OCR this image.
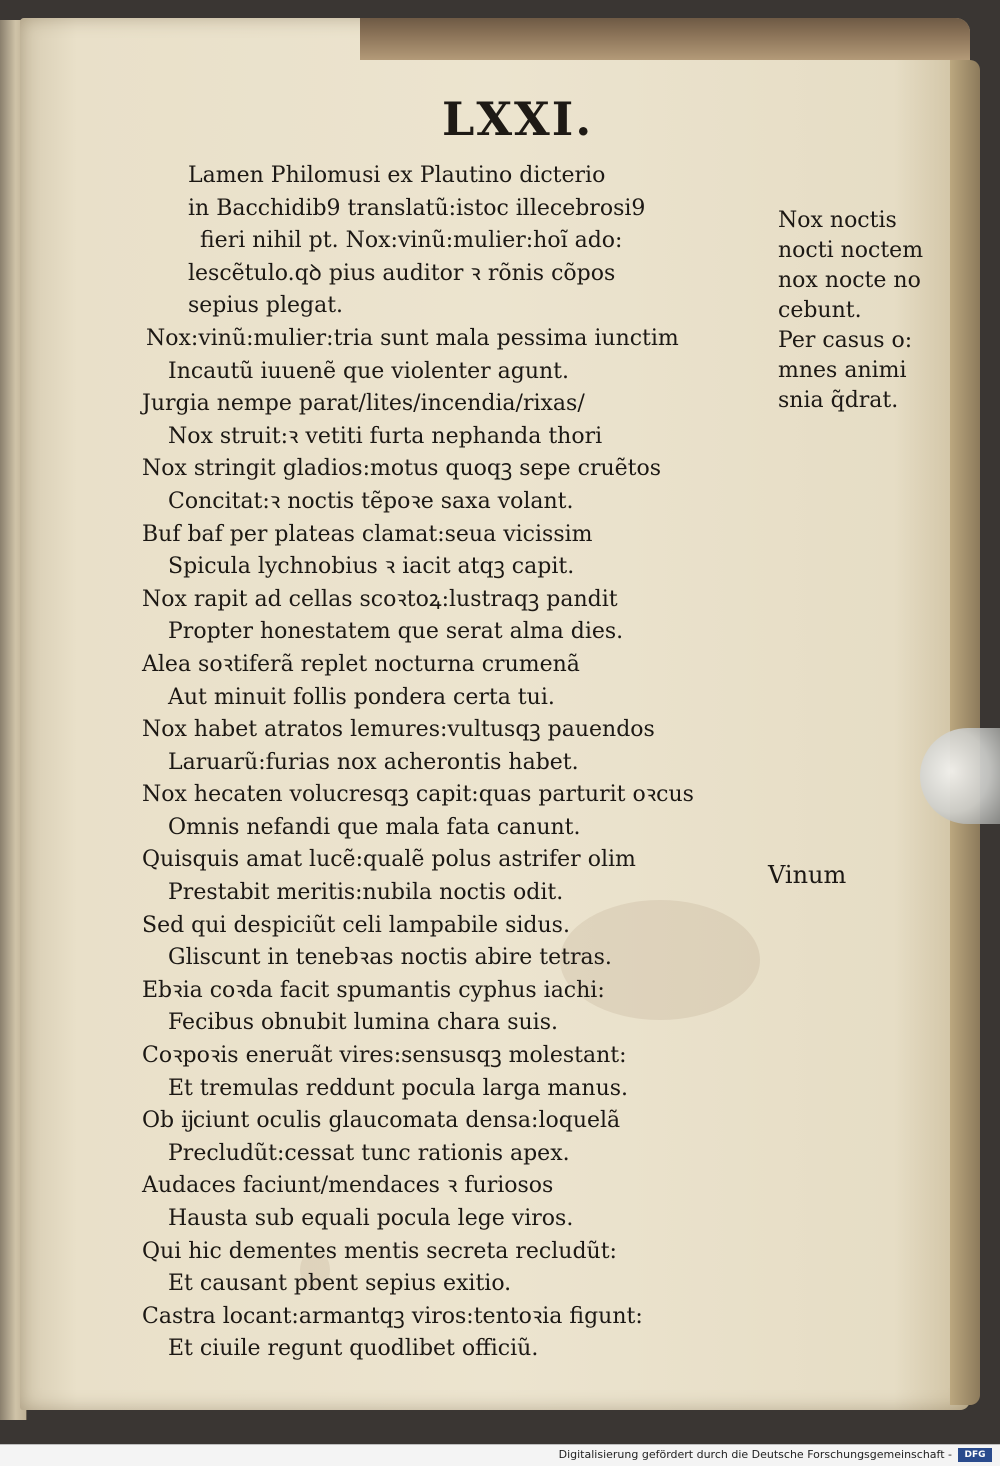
LXXI.
Lamen Philomusi ex Plautino dicterio
in Bacchidib9 translatũ:istoc illecebrosi9
fieri nihil pt. Nox:vinũ:mulier:hoĩ ado:
lescẽtulo.qꝺ pius auditor ꝛ rõnis cõpos
sepius plegat.
Nox:vinũ:mulier:tria sunt mala pessima iunctim
Incautũ iuuenẽ que violenter agunt.
Jurgia nempe parat/lites/incendia/rixas/
Nox struit:ꝛ vetiti furta nephanda thori
Nox stringit gladios:motus quoqꝫ sepe cruẽtos
Concitat:ꝛ noctis tẽpoꝛe saxa volant.
Buf baf per plateas clamat:seua vicissim
Spicula lychnobius ꝛ iacit atqꝫ capit.
Nox rapit ad cellas scoꝛtoꝝ:lustraqꝫ pandit
Propter honestatem que serat alma dies.
Alea soꝛtiferã replet nocturna crumenã
Aut minuit follis pondera certa tui.
Nox habet atratos lemures:vultusqꝫ pauendos
Laruarũ:furias nox acherontis habet.
Nox hecaten volucresqꝫ capit:quas parturit oꝛcus
Omnis nefandi que mala fata canunt.
Quisquis amat lucẽ:qualẽ polus astrifer olim
Prestabit meritis:nubila noctis odit.
Sed qui despiciũt celi lampabile sidus.
Gliscunt in tenebꝛas noctis abire tetras.
Ebꝛia coꝛda facit spumantis cyphus iachi:
Fecibus obnubit lumina chara suis.
Coꝛpoꝛis eneruãt vires:sensusqꝫ molestant:
Et tremulas reddunt pocula larga manus.
Ob ĳciunt oculis glaucomata densa:loquelã
Precludũt:cessat tunc rationis apex.
Audaces faciunt/mendaces ꝛ furiosos
Hausta sub equali pocula lege viros.
Qui hic dementes mentis secreta recludũt:
Et causant pbent sepius exitio.
Castra locant:armantqꝫ viros:tentoꝛia figunt:
Et ciuile regunt quodlibet officiũ.
Nox noctis
nocti noctem
nox nocte no
cebunt.
Per casus o:
mnes animi
snia q̃drat.
Vinum
Digitalisierung gefördert durch die Deutsche Forschungsgemeinschaft -	DFG
